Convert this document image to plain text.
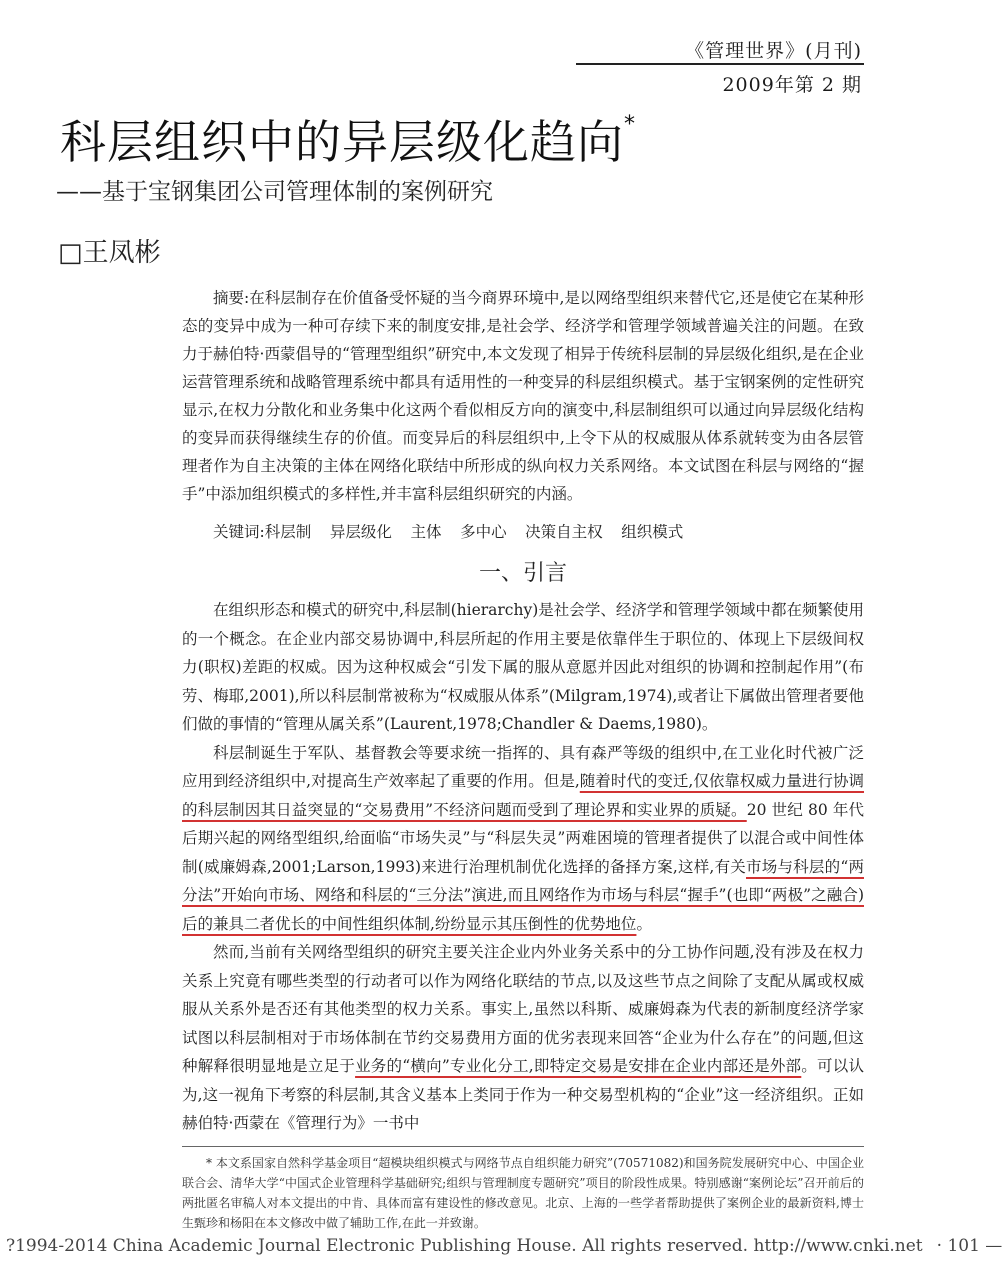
《管理世界》(月刊)
2009年第 2 期
科层组织中的异层级化趋向*
——基于宝钢集团公司管理体制的案例研究
□王凤彬
摘要:在科层制存在价值备受怀疑的当今商界环境中,是以网络型组织来替代它,还是使它在某种形态的变异中成为一种可存续下来的制度安排,是社会学、经济学和管理学领域普遍关注的问题。在致力于赫伯特·西蒙倡导的“管理型组织”研究中,本文发现了相异于传统科层制的异层级化组织,是在企业运营管理系统和战略管理系统中都具有适用性的一种变异的科层组织模式。基于宝钢案例的定性研究显示,在权力分散化和业务集中化这两个看似相反方向的演变中,科层制组织可以通过向异层级化结构的变异而获得继续生存的价值。而变异后的科层组织中,上令下从的权威服从体系就转变为由各层管理者作为自主决策的主体在网络化联结中所形成的纵向权力关系网络。本文试图在科层与网络的“握手”中添加组织模式的多样性,并丰富科层组织研究的内涵。
关键词:科层制 异层级化 主体 多中心 决策自主权 组织模式
一、引言

在组织形态和模式的研究中,科层制(hierarchy)是社会学、经济学和管理学领域中都在频繁使用的一个概念。在企业内部交易协调中,科层所起的作用主要是依靠伴生于职位的、体现上下层级间权力(职权)差距的权威。因为这种权威会“引发下属的服从意愿并因此对组织的协调和控制起作用”(布劳、梅耶,2001),所以科层制常被称为“权威服从体系”(Milgram,1974),或者让下属做出管理者要他们做的事情的“管理从属关系”(Laurent,1978;Chandler & Daems,1980)。

科层制诞生于军队、基督教会等要求统一指挥的、具有森严等级的组织中,在工业化时代被广泛应用到经济组织中,对提高生产效率起了重要的作用。但是,随着时代的变迁,仅依靠权威力量进行协调的科层制因其日益突显的“交易费用”不经济问题而受到了理论界和实业界的质疑。20 世纪 80 年代后期兴起的网络型组织,给面临“市场失灵”与“科层失灵”两难困境的管理者提供了以混合或中间性体制(威廉姆森,2001;Larson,1993)来进行治理机制优化选择的备择方案,这样,有关市场与科层的“两分法”开始向市场、网络和科层的“三分法”演进,而且网络作为市场与科层“握手”(也即“两极”之融合)后的兼具二者优长的中间性组织体制,纷纷显示其压倒性的优势地位。

然而,当前有关网络型组织的研究主要关注企业内外业务关系中的分工协作问题,没有涉及在权力关系上究竟有哪些类型的行动者可以作为网络化联结的节点,以及这些节点之间除了支配从属或权威服从关系外是否还有其他类型的权力关系。事实上,虽然以科斯、威廉姆森为代表的新制度经济学家试图以科层制相对于市场体制在节约交易费用方面的优劣表现来回答“企业为什么存在”的问题,但这种解释很明显地是立足于业务的“横向”专业化分工,即特定交易是安排在企业内部还是外部。可以认为,这一视角下考察的科层制,其含义基本上类同于作为一种交易型机构的“企业”这一经济组织。正如赫伯特·西蒙在《管理行为》一书中

* 本文系国家自然科学基金项目“超模块组织模式与网络节点自组织能力研究”(70571082)和国务院发展研究中心、中国企业联合会、清华大学“中国式企业管理科学基础研究;组织与管理制度专题研究”项目的阶段性成果。特别感谢“案例论坛”召开前后的两批匿名审稿人对本文提出的中肯、具体而富有建设性的修改意见。北京、上海的一些学者帮助提供了案例企业的最新资料,博士生甄珍和杨阳在本文修改中做了辅助工作,在此一并致谢。
?1994-2014 China Academic Journal Electronic Publishing House. All rights reserved. http://www.cnki.net · 101 —
